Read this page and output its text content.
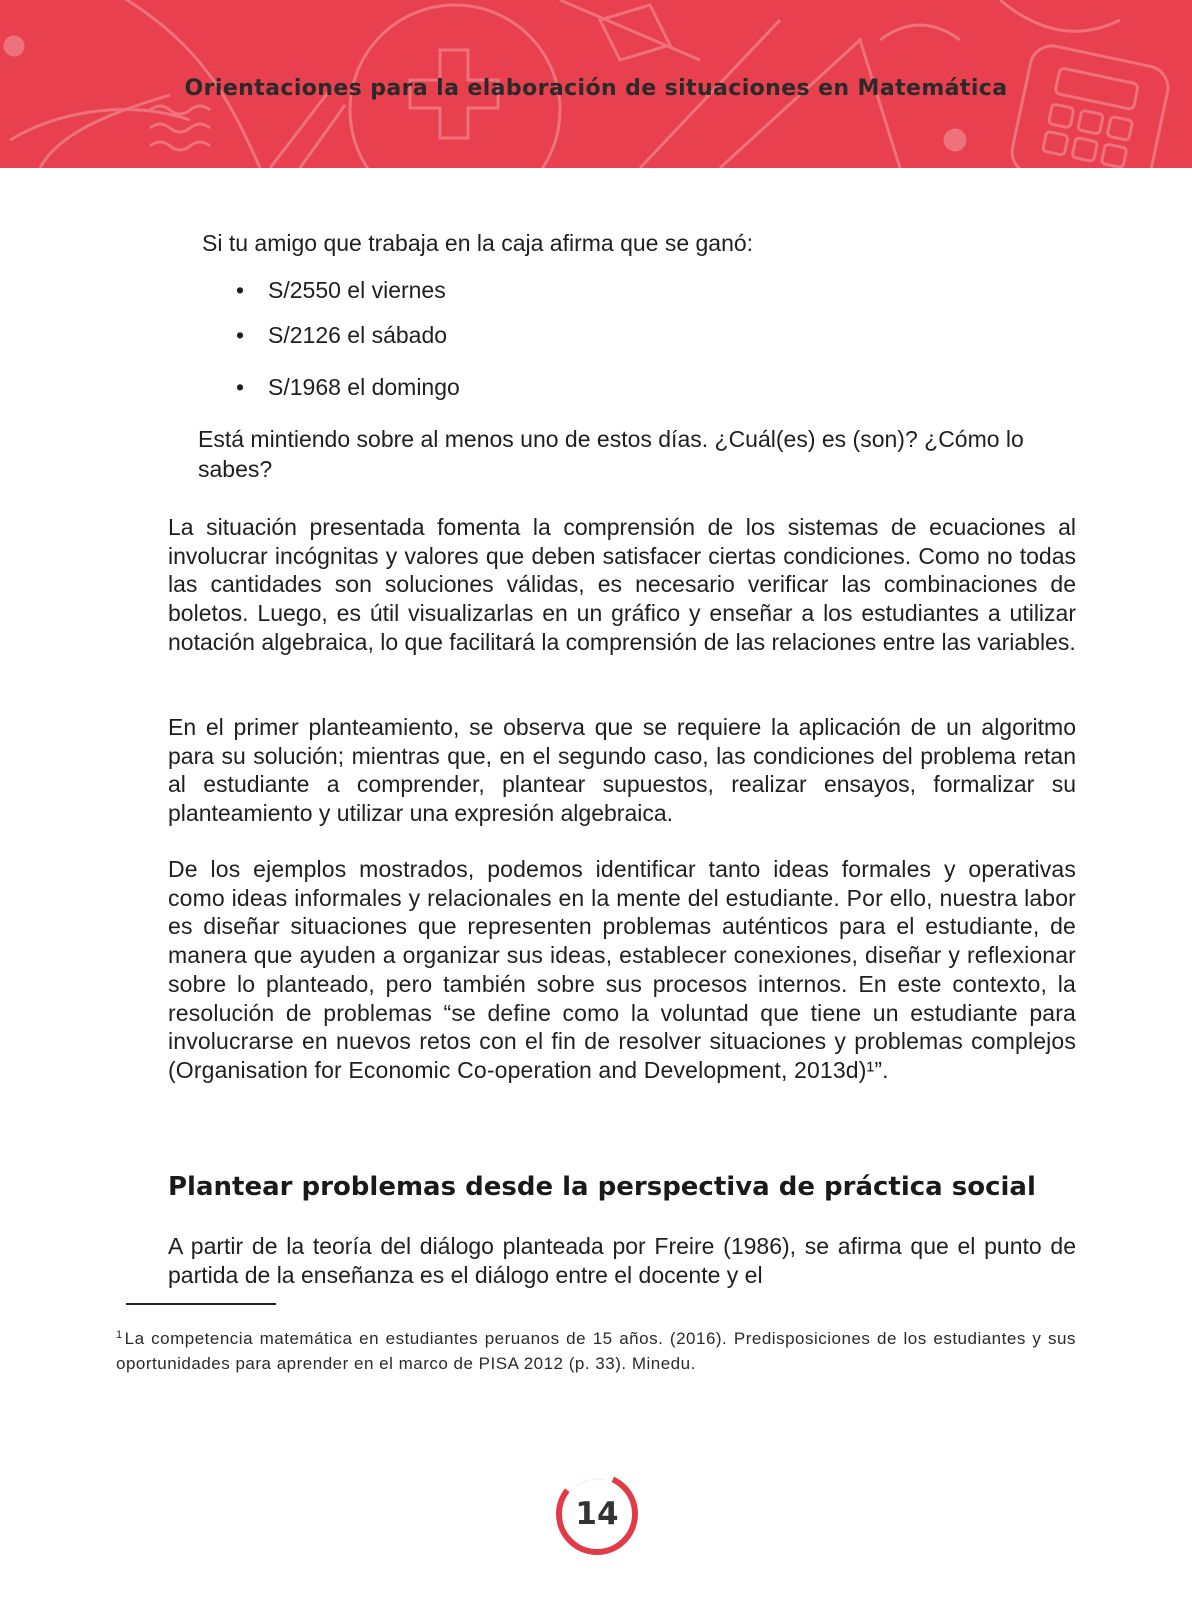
Orientaciones para la elaboración de situaciones en Matemática

Si tu amigo que trabaja en la caja afirma que se ganó:

• S/2550 el viernes
• S/2126 el sábado
• S/1968 el domingo

Está mintiendo sobre al menos uno de estos días. ¿Cuál(es) es (son)? ¿Cómo lo sabes?

La situación presentada fomenta la comprensión de los sistemas de ecuaciones al involucrar incógnitas y valores que deben satisfacer ciertas condiciones. Como no todas las cantidades son soluciones válidas, es necesario verificar las combinaciones de boletos. Luego, es útil visualizarlas en un gráfico y enseñar a los estudiantes a utilizar notación algebraica, lo que facilitará la comprensión de las relaciones entre las variables.

En el primer planteamiento, se observa que se requiere la aplicación de un algoritmo para su solución; mientras que, en el segundo caso, las condiciones del problema retan al estudiante a comprender, plantear supuestos, realizar ensayos, formalizar su planteamiento y utilizar una expresión algebraica.

De los ejemplos mostrados, podemos identificar tanto ideas formales y operativas como ideas informales y relacionales en la mente del estudiante. Por ello, nuestra labor es diseñar situaciones que representen problemas auténticos para el estudiante, de manera que ayuden a organizar sus ideas, establecer conexiones, diseñar y reflexionar sobre lo planteado, pero también sobre sus procesos internos. En este contexto, la resolución de problemas “se define como la voluntad que tiene un estudiante para involucrarse en nuevos retos con el fin de resolver situaciones y problemas complejos (Organisation for Economic Co-operation and Development, 2013d)¹”.

Plantear problemas desde la perspectiva de práctica social

A partir de la teoría del diálogo planteada por Freire (1986), se afirma que el punto de partida de la enseñanza es el diálogo entre el docente y el

$^1$ La competencia matemática en estudiantes peruanos de 15 años. (2016). Predisposiciones de los estudiantes y sus oportunidades para aprender en el marco de PISA 2012 (p. 33). Minedu.

14
